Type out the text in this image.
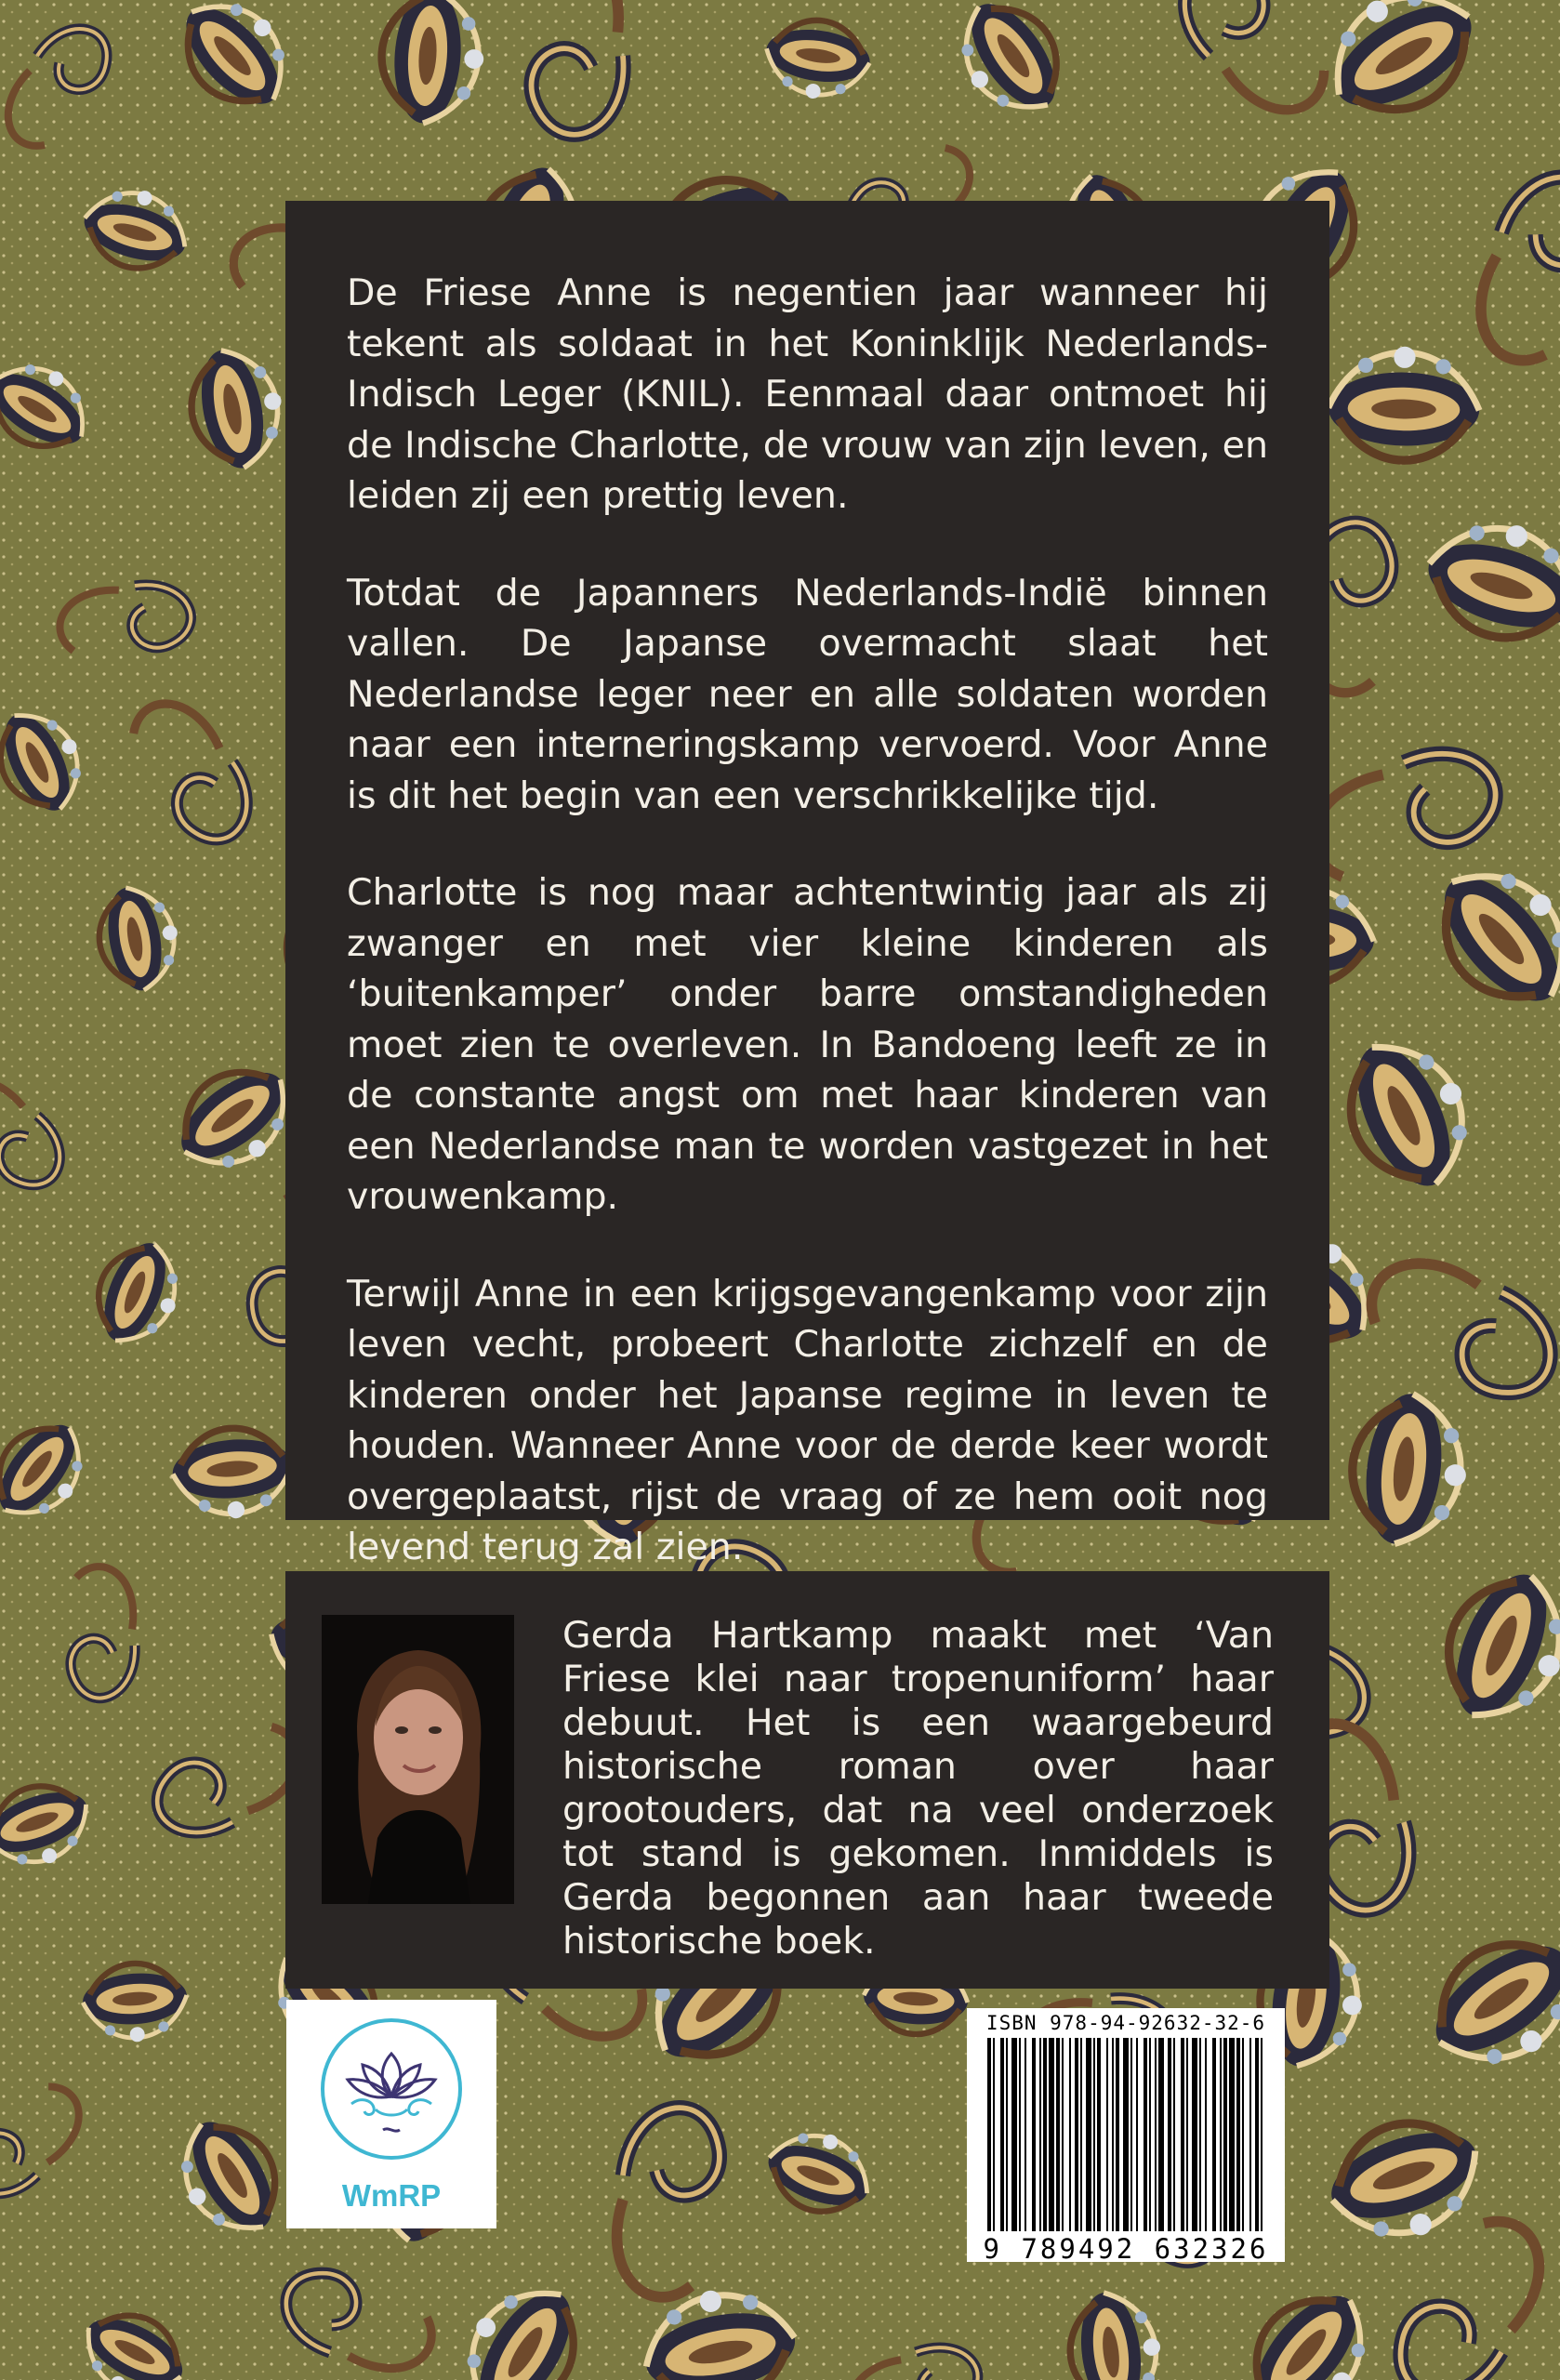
De Friese Anne is negentien jaar wanneer hij tekent als soldaat in het Koninklijk Nederlands-Indisch Leger (KNIL). Eenmaal daar ontmoet hij de Indische Charlotte, de vrouw van zijn leven, en leiden zij een prettig leven.

Totdat de Japanners Nederlands-Indië binnen vallen. De Japanse overmacht slaat het Nederlandse leger neer en alle soldaten worden naar een interneringskamp vervoerd. Voor Anne is dit het begin van een verschrikkelijke tijd.

Charlotte is nog maar achtentwintig jaar als zij zwanger en met vier kleine kinderen als ‘buitenkamper’ onder barre omstandigheden moet zien te overleven. In Bandoeng leeft ze in de constante angst om met haar kinderen van een Nederlandse man te worden vastgezet in het vrouwenkamp.

Terwijl Anne in een krijgsgevangenkamp voor zijn leven vecht, probeert Charlotte zichzelf en de kinderen onder het Japanse regime in leven te houden. Wanneer Anne voor de derde keer wordt overgeplaatst, rijst de vraag of ze hem ooit nog levend terug zal zien.

Gerda Hartkamp maakt met ‘Van Friese klei naar tropenuniform’ haar debuut. Het is een waargebeurd historische roman over haar grootouders, dat na veel onderzoek tot stand is gekomen. Inmiddels is Gerda begonnen aan haar tweede historische boek.

WmRP
ISBN 978-94-92632-32-6
9 789492 632326
